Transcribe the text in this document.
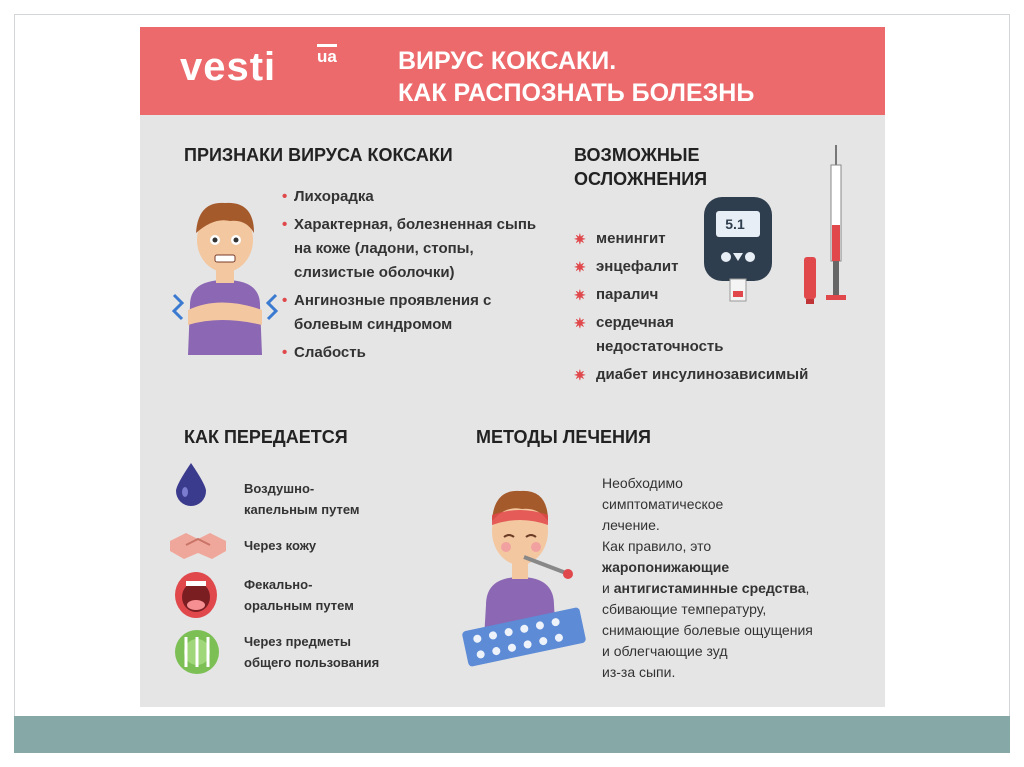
vesti ua ВИРУС КОКСАКИ.
КАК РАСПОЗНАТЬ БОЛЕЗНЬ
ПРИЗНАКИ ВИРУСА КОКСАКИ
• Лихорадка
• Характерная, болезненная сыпь на коже (ладони, стопы, слизистые оболочки)
• Ангинозные проявления с болевым синдромом
• Слабость
ВОЗМОЖНЫЕ
ОСЛОЖНЕНИЯ
✷ менингит
✷ энцефалит
✷ паралич
✷ сердечная недостаточность
✷ диабет инсулинозависимый
5.1
КАК ПЕРЕДАЕТСЯ
Воздушно-
капельным путем
Через кожу
Фекально-
оральным путем
Через предметы
общего пользования
МЕТОДЫ ЛЕЧЕНИЯ
Необходимо
симптоматическое
лечение.
Как правило, это
жаропонижающие
и антигистаминные средства,
сбивающие температуру,
снимающие болевые ощущения
и облегчающие зуд
из-за сыпи.
